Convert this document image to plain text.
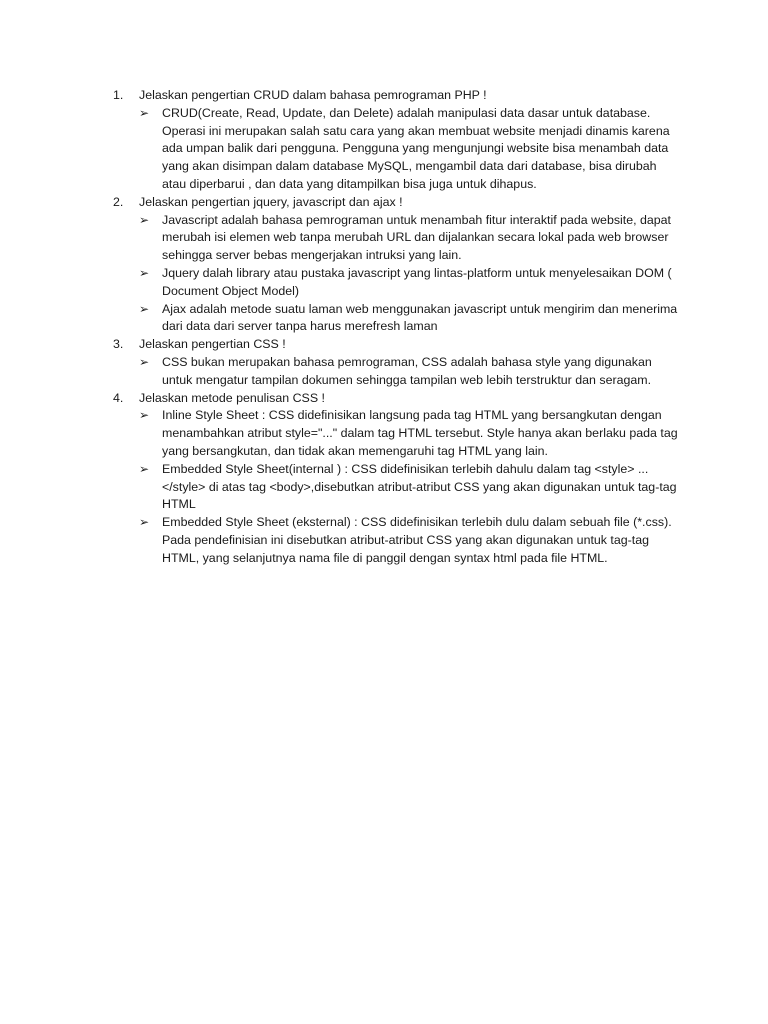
1.	Jelaskan pengertian CRUD dalam bahasa pemrograman PHP !
➢	CRUD(Create, Read, Update, dan Delete) adalah manipulasi data dasar untuk database. Operasi ini merupakan salah satu cara yang akan membuat website menjadi dinamis karena ada umpan balik dari pengguna. Pengguna yang mengunjungi website bisa menambah data yang akan disimpan dalam database MySQL, mengambil data dari database, bisa dirubah atau diperbarui , dan data yang ditampilkan bisa juga untuk dihapus.
2.	Jelaskan pengertian jquery, javascript dan ajax !
➢	Javascript adalah bahasa pemrograman untuk menambah fitur interaktif pada website, dapat merubah isi elemen web tanpa merubah URL dan dijalankan secara lokal pada web browser sehingga server bebas mengerjakan intruksi yang lain.
➢	Jquery dalah library atau pustaka javascript yang lintas-platform untuk menyelesaikan DOM ( Document Object Model)
➢	Ajax adalah metode suatu laman web menggunakan javascript untuk mengirim dan menerima dari data dari server tanpa harus merefresh laman
3.	Jelaskan pengertian CSS !
➢	CSS bukan merupakan bahasa pemrograman, CSS adalah bahasa style yang digunakan untuk mengatur tampilan dokumen sehingga tampilan web lebih terstruktur dan seragam.
4.	Jelaskan metode penulisan CSS !
➢	Inline Style Sheet : CSS didefinisikan langsung pada tag HTML yang bersangkutan dengan menambahkan atribut style="..." dalam tag HTML tersebut. Style hanya akan berlaku pada tag yang bersangkutan, dan tidak akan memengaruhi tag HTML yang lain.
➢	Embedded Style Sheet(internal ) : CSS didefinisikan terlebih dahulu dalam tag <style> ... </style> di atas tag <body>,disebutkan atribut-atribut CSS yang akan digunakan untuk tag-tag HTML
➢	Embedded Style Sheet (eksternal) : CSS didefinisikan terlebih dulu dalam sebuah file (*.css). Pada pendefinisian ini disebutkan atribut-atribut CSS yang akan digunakan untuk tag-tag HTML, yang selanjutnya nama file di panggil dengan syntax html pada file HTML.
